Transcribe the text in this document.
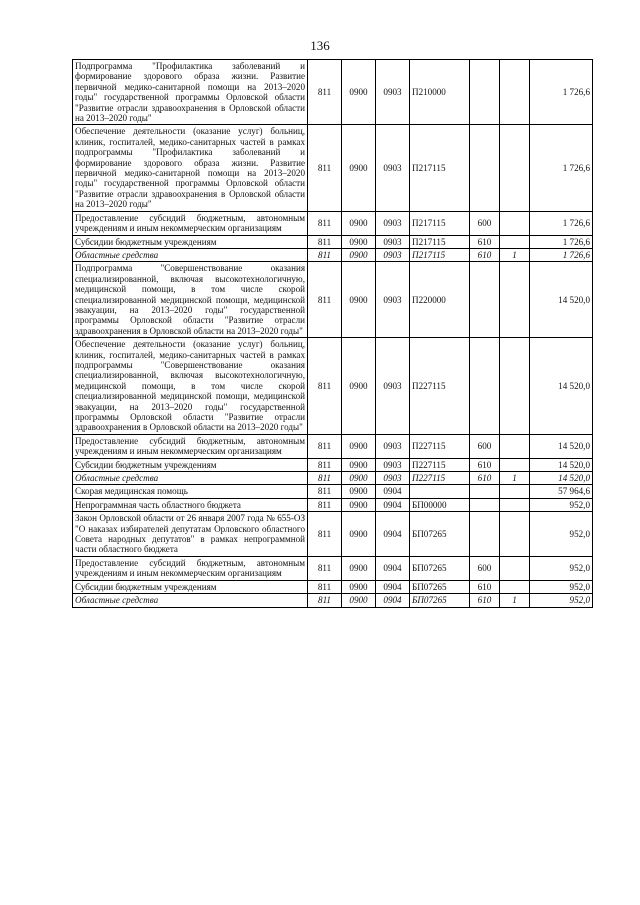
136
Подпрограмма "Профилактика заболеваний и формирование здорового образа жизни. Развитие первичной медико-санитарной помощи на 2013–2020 годы" государственной программы Орловской области "Развитие отрасли здравоохранения в Орловской области на 2013–2020 годы"	811	0900	0903	П210000			1 726,6
Обеспечение деятельности (оказание услуг) больниц, клиник, госпиталей, медико-санитарных частей в рамках подпрограммы "Профилактика заболеваний и формирование здорового образа жизни. Развитие первичной медико-санитарной помощи на 2013–2020 годы" государственной программы Орловской области "Развитие отрасли здравоохранения в Орловской области на 2013–2020 годы"	811	0900	0903	П217115			1 726,6
Предоставление субсидий бюджетным, автономным учреждениям и иным некоммерческим организациям	811	0900	0903	П217115	600		1 726,6
Субсидии бюджетным учреждениям	811	0900	0903	П217115	610		1 726,6
Областные средства	811	0900	0903	П217115	610	1	1 726,6
Подпрограмма "Совершенствование оказания специализированной, включая высокотехнологичную, медицинской помощи, в том числе скорой специализированной медицинской помощи, медицинской эвакуации, на 2013–2020 годы" государственной программы Орловской области "Развитие отрасли здравоохранения в Орловской области на 2013–2020 годы"	811	0900	0903	П220000			14 520,0
Обеспечение деятельности (оказание услуг) больниц, клиник, госпиталей, медико-санитарных частей в рамках подпрограммы "Совершенствование оказания специализированной, включая высокотехнологичную, медицинской помощи, в том числе скорой специализированной медицинской помощи, медицинской эвакуации, на 2013–2020 годы" государственной программы Орловской области "Развитие отрасли здравоохранения в Орловской области на 2013–2020 годы"	811	0900	0903	П227115			14 520,0
Предоставление субсидий бюджетным, автономным учреждениям и иным некоммерческим организациям	811	0900	0903	П227115	600		14 520,0
Субсидии бюджетным учреждениям	811	0900	0903	П227115	610		14 520,0
Областные средства	811	0900	0903	П227115	610	1	14 520,0
Скорая медицинская помощь	811	0900	0904				57 964,6
Непрограммная часть областного бюджета	811	0900	0904	БП00000			952,0
Закон Орловской области от 26 января 2007 года № 655-ОЗ "О наказах избирателей депутатам Орловского областного Совета народных депутатов" в рамках непрограммной части областного бюджета	811	0900	0904	БП07265			952,0
Предоставление субсидий бюджетным, автономным учреждениям и иным некоммерческим организациям	811	0900	0904	БП07265	600		952,0
Субсидии бюджетным учреждениям	811	0900	0904	БП07265	610		952,0
Областные средства	811	0900	0904	БП07265	610	1	952,0
